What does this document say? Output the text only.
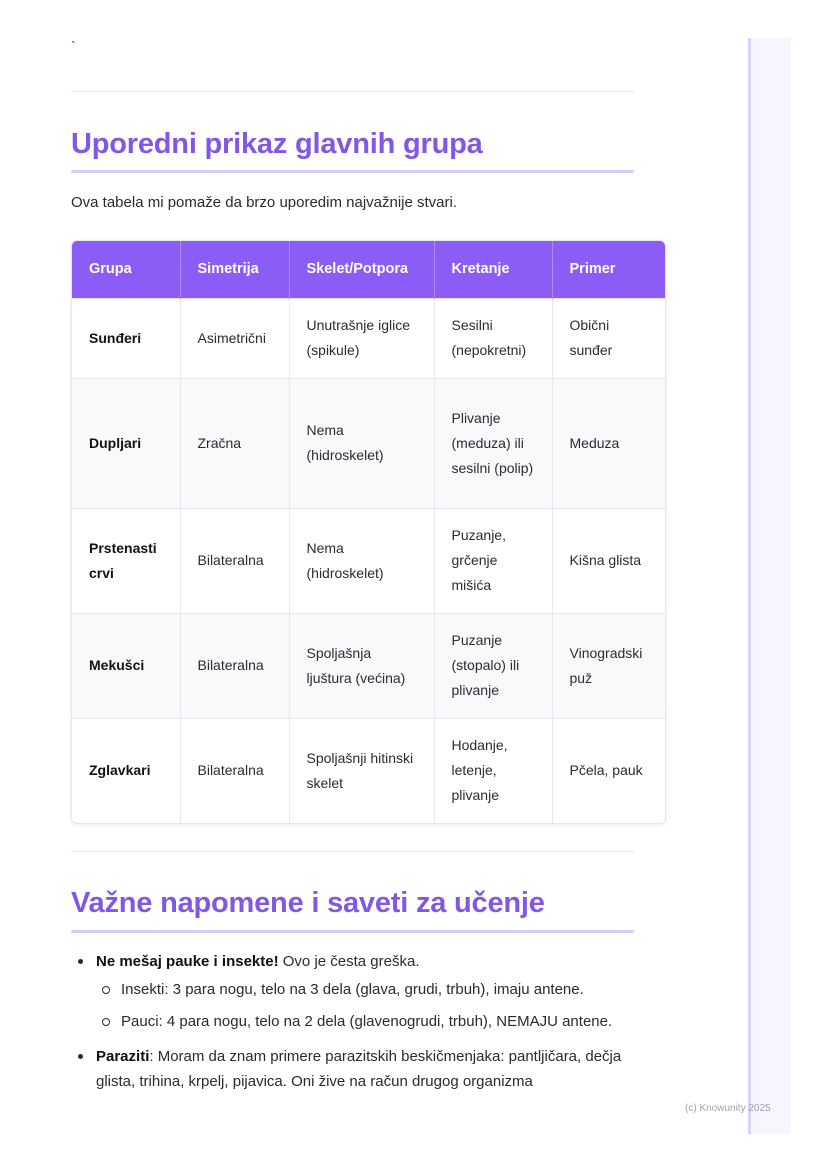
`
Uporedni prikaz glavnih grupa

Ova tabela mi pomaže da brzo uporedim najvažnije stvari.

Grupa	Simetrija	Skelet/Potpora	Kretanje	Primer
Sunđeri	Asimetrični	Unutrašnje iglice (spikule)	Sesilni (nepokretni)	Obični sunđer
Dupljari	Zračna	Nema (hidroskelet)	Plivanje (meduza) ili sesilni (polip)	Meduza
Prstenasti crvi	Bilateralna	Nema (hidroskelet)	Puzanje, grčenje mišića	Kišna glista
Mekušci	Bilateralna	Spoljašnja ljuštura (većina)	Puzanje (stopalo) ili plivanje	Vinogradski puž
Zglavkari	Bilateralna	Spoljašnji hitinski skelet	Hodanje, letenje, plivanje	Pčela, pauk
Važne napomene i saveti za učenje
Ne mešaj pauke i insekte! Ovo je česta greška.
Insekti: 3 para nogu, telo na 3 dela (glava, grudi, trbuh), imaju antene.
Pauci: 4 para nogu, telo na 2 dela (glavenogrudi, trbuh), NEMAJU antene.
Paraziti: Moram da znam primere parazitskih beskičmenjaka: pantljičara, dečja glista, trihina, krpelj, pijavica. Oni žive na račun drugog organizma
(c) Knowunity 2025
